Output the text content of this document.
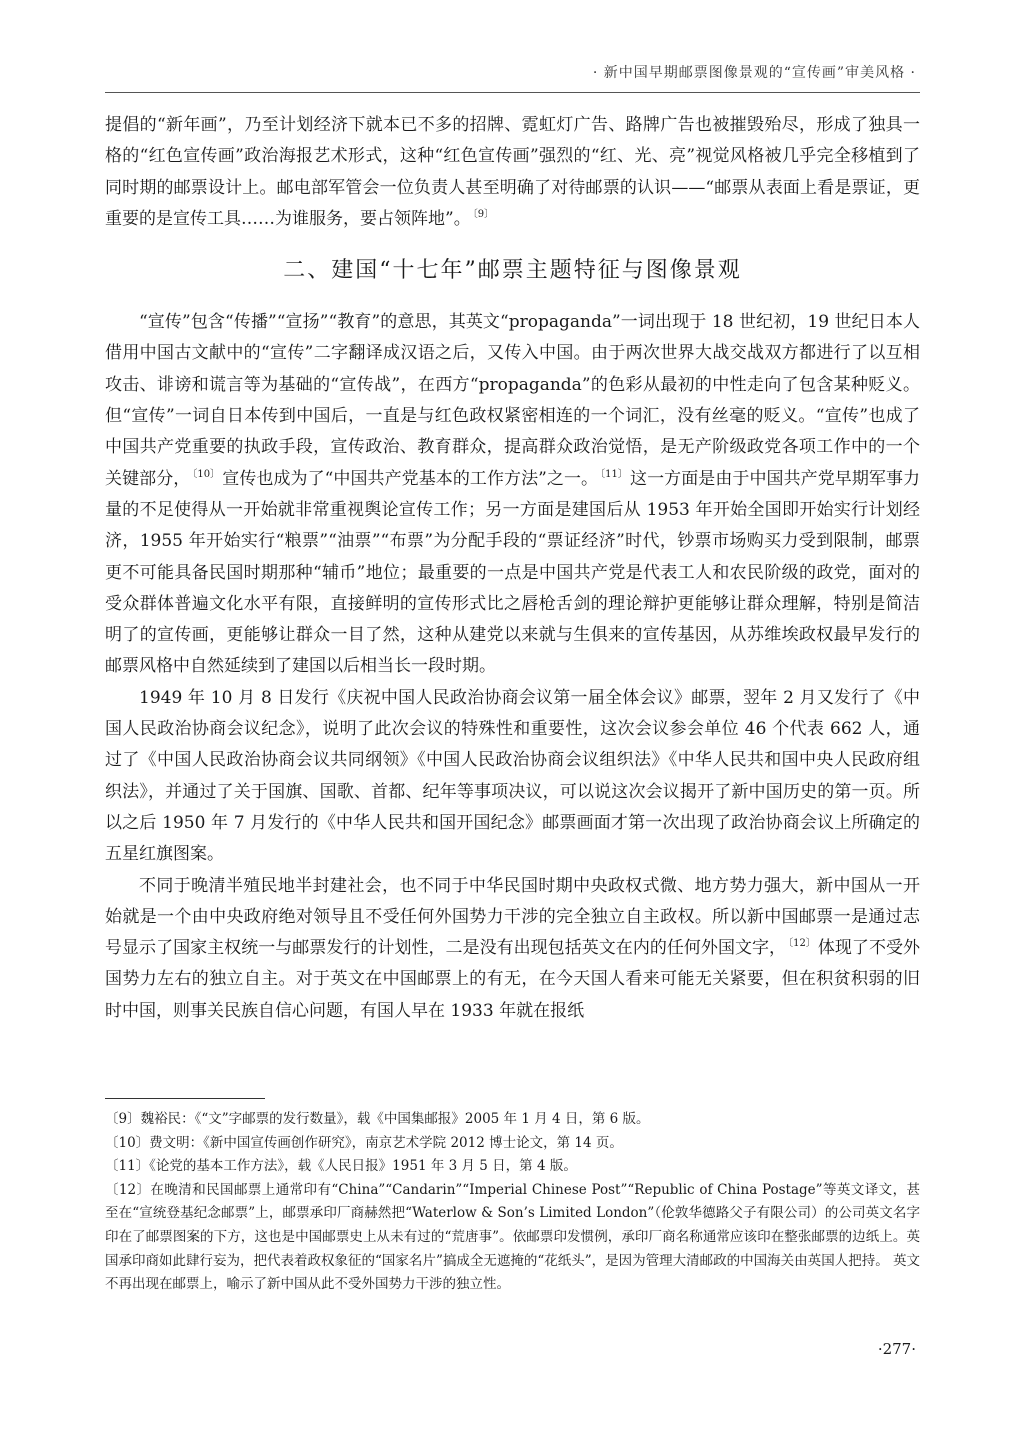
· 新中国早期邮票图像景观的“宣传画”审美风格 ·

提倡的“新年画”，乃至计划经济下就本已不多的招牌、霓虹灯广告、路牌广告也被摧毁殆尽，形成了独具一格的“红色宣传画”政治海报艺术形式，这种“红色宣传画”强烈的“红、光、亮”视觉风格被几乎完全移植到了同时期的邮票设计上。邮电部军管会一位负责人甚至明确了对待邮票的认识——“邮票从表面上看是票证，更重要的是宣传工具……为谁服务，要占领阵地”。 $^{〔9〕}$

二、建国“十七年”邮票主题特征与图像景观

“宣传”包含“传播”“宣扬”“教育”的意思，其英文“propaganda”一词出现于 18 世纪初，19 世纪日本人借用中国古文献中的“宣传”二字翻译成汉语之后，又传入中国。由于两次世界大战交战双方都进行了以互相攻击、诽谤和谎言等为基础的“宣传战”，在西方“propaganda”的色彩从最初的中性走向了包含某种贬义。但“宣传”一词自日本传到中国后，一直是与红色政权紧密相连的一个词汇，没有丝毫的贬义。“宣传”也成了中国共产党重要的执政手段，宣传政治、教育群众，提高群众政治觉悟，是无产阶级政党各项工作中的一个关键部分， $^{〔10〕}$ 宣传也成为了“中国共产党基本的工作方法”之一。 $^{〔11〕}$ 这一方面是由于中国共产党早期军事力量的不足使得从一开始就非常重视舆论宣传工作；另一方面是建国后从 1953 年开始全国即开始实行计划经济，1955 年开始实行“粮票”“油票”“布票”为分配手段的“票证经济”时代，钞票市场购买力受到限制，邮票更不可能具备民国时期那种“辅币”地位；最重要的一点是中国共产党是代表工人和农民阶级的政党，面对的受众群体普遍文化水平有限，直接鲜明的宣传形式比之唇枪舌剑的理论辩护更能够让群众理解，特别是简洁明了的宣传画，更能够让群众一目了然，这种从建党以来就与生俱来的宣传基因，从苏维埃政权最早发行的邮票风格中自然延续到了建国以后相当长一段时期。

1949 年 10 月 8 日发行《庆祝中国人民政治协商会议第一届全体会议》邮票，翌年 2 月又发行了《中国人民政治协商会议纪念》，说明了此次会议的特殊性和重要性，这次会议参会单位 46 个代表 662 人，通过了《中国人民政治协商会议共同纲领》《中国人民政治协商会议组织法》《中华人民共和国中央人民政府组织法》，并通过了关于国旗、国歌、首都、纪年等事项决议，可以说这次会议揭开了新中国历史的第一页。所以之后 1950 年 7 月发行的《中华人民共和国开国纪念》邮票画面才第一次出现了政治协商会议上所确定的五星红旗图案。

不同于晚清半殖民地半封建社会，也不同于中华民国时期中央政权式微、地方势力强大，新中国从一开始就是一个由中央政府绝对领导且不受任何外国势力干涉的完全独立自主政权。所以新中国邮票一是通过志号显示了国家主权统一与邮票发行的计划性，二是没有出现包括英文在内的任何外国文字， $^{〔12〕}$ 体现了不受外国势力左右的独立自主。对于英文在中国邮票上的有无，在今天国人看来可能无关紧要，但在积贫积弱的旧时中国，则事关民族自信心问题，有国人早在 1933 年就在报纸

〔9〕魏裕民：《“文”字邮票的发行数量》，载《中国集邮报》2005 年 1 月 4 日，第 6 版。
〔10〕费文明：《新中国宣传画创作研究》，南京艺术学院 2012 博士论文，第 14 页。
〔11〕《论党的基本工作方法》，载《人民日报》1951 年 3 月 5 日，第 4 版。
〔12〕在晚清和民国邮票上通常印有“China”“Candarin”“Imperial Chinese Post”“Republic of China Postage”等英文译文，甚至在“宣统登基纪念邮票”上，邮票承印厂商赫然把“Waterlow & Son’s Limited London”（伦敦华德路父子有限公司）的公司英文名字印在了邮票图案的下方，这也是中国邮票史上从未有过的“荒唐事”。依邮票印发惯例，承印厂商名称通常应该印在整张邮票的边纸上。英国承印商如此肆行妄为，把代表着政权象征的“国家名片”搞成全无遮掩的“花纸头”，是因为管理大清邮政的中国海关由英国人把持。 英文不再出现在邮票上，喻示了新中国从此不受外国势力干涉的独立性。
·277·
